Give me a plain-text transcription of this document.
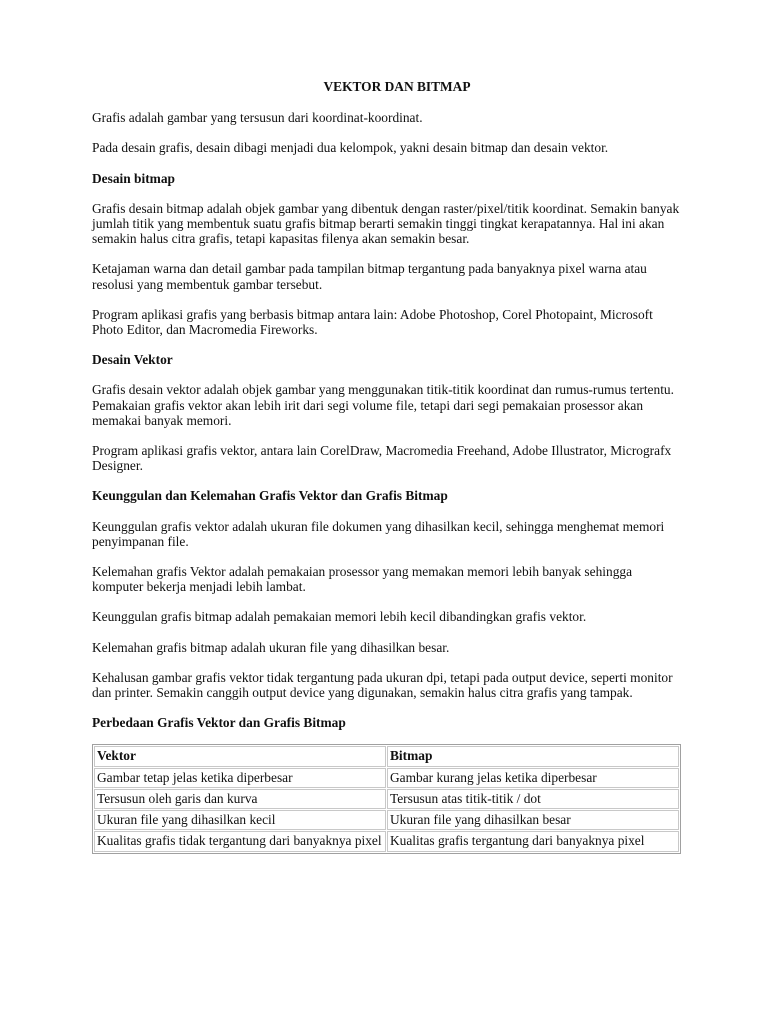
VEKTOR DAN BITMAP

Grafis adalah gambar yang tersusun dari koordinat-koordinat.

Pada desain grafis, desain dibagi menjadi dua kelompok, yakni desain bitmap dan desain vektor.

Desain bitmap

Grafis desain bitmap adalah objek gambar yang dibentuk dengan raster/pixel/titik koordinat. Semakin banyak jumlah titik yang membentuk suatu grafis bitmap berarti semakin tinggi tingkat kerapatannya. Hal ini akan semakin halus citra grafis, tetapi kapasitas filenya akan semakin besar.

Ketajaman warna dan detail gambar pada tampilan bitmap tergantung pada banyaknya pixel warna atau resolusi yang membentuk gambar tersebut.

Program aplikasi grafis yang berbasis bitmap antara lain: Adobe Photoshop, Corel Photopaint, Microsoft Photo Editor, dan Macromedia Fireworks.

Desain Vektor

Grafis desain vektor adalah objek gambar yang menggunakan titik-titik koordinat dan rumus-rumus tertentu. Pemakaian grafis vektor akan lebih irit dari segi volume file, tetapi dari segi pemakaian prosessor akan memakai banyak memori.

Program aplikasi grafis vektor, antara lain CorelDraw, Macromedia Freehand, Adobe Illustrator, Micrografx Designer.

Keunggulan dan Kelemahan Grafis Vektor dan Grafis Bitmap

Keunggulan grafis vektor adalah ukuran file dokumen yang dihasilkan kecil, sehingga menghemat memori penyimpanan file.

Kelemahan grafis Vektor adalah pemakaian prosessor yang memakan memori lebih banyak sehingga komputer bekerja menjadi lebih lambat.

Keunggulan grafis bitmap adalah pemakaian memori lebih kecil dibandingkan grafis vektor.

Kelemahan grafis bitmap adalah ukuran file yang dihasilkan besar.

Kehalusan gambar grafis vektor tidak tergantung pada ukuran dpi, tetapi pada output device, seperti monitor dan printer. Semakin canggih output device yang digunakan, semakin halus citra grafis yang tampak.

Perbedaan Grafis Vektor dan Grafis Bitmap
Vektor	Bitmap
Gambar tetap jelas ketika diperbesar	Gambar kurang jelas ketika diperbesar
Tersusun oleh garis dan kurva	Tersusun atas titik-titik / dot
Ukuran file yang dihasilkan kecil	Ukuran file yang dihasilkan besar
Kualitas grafis tidak tergantung dari banyaknya pixel	Kualitas grafis tergantung dari banyaknya pixel
